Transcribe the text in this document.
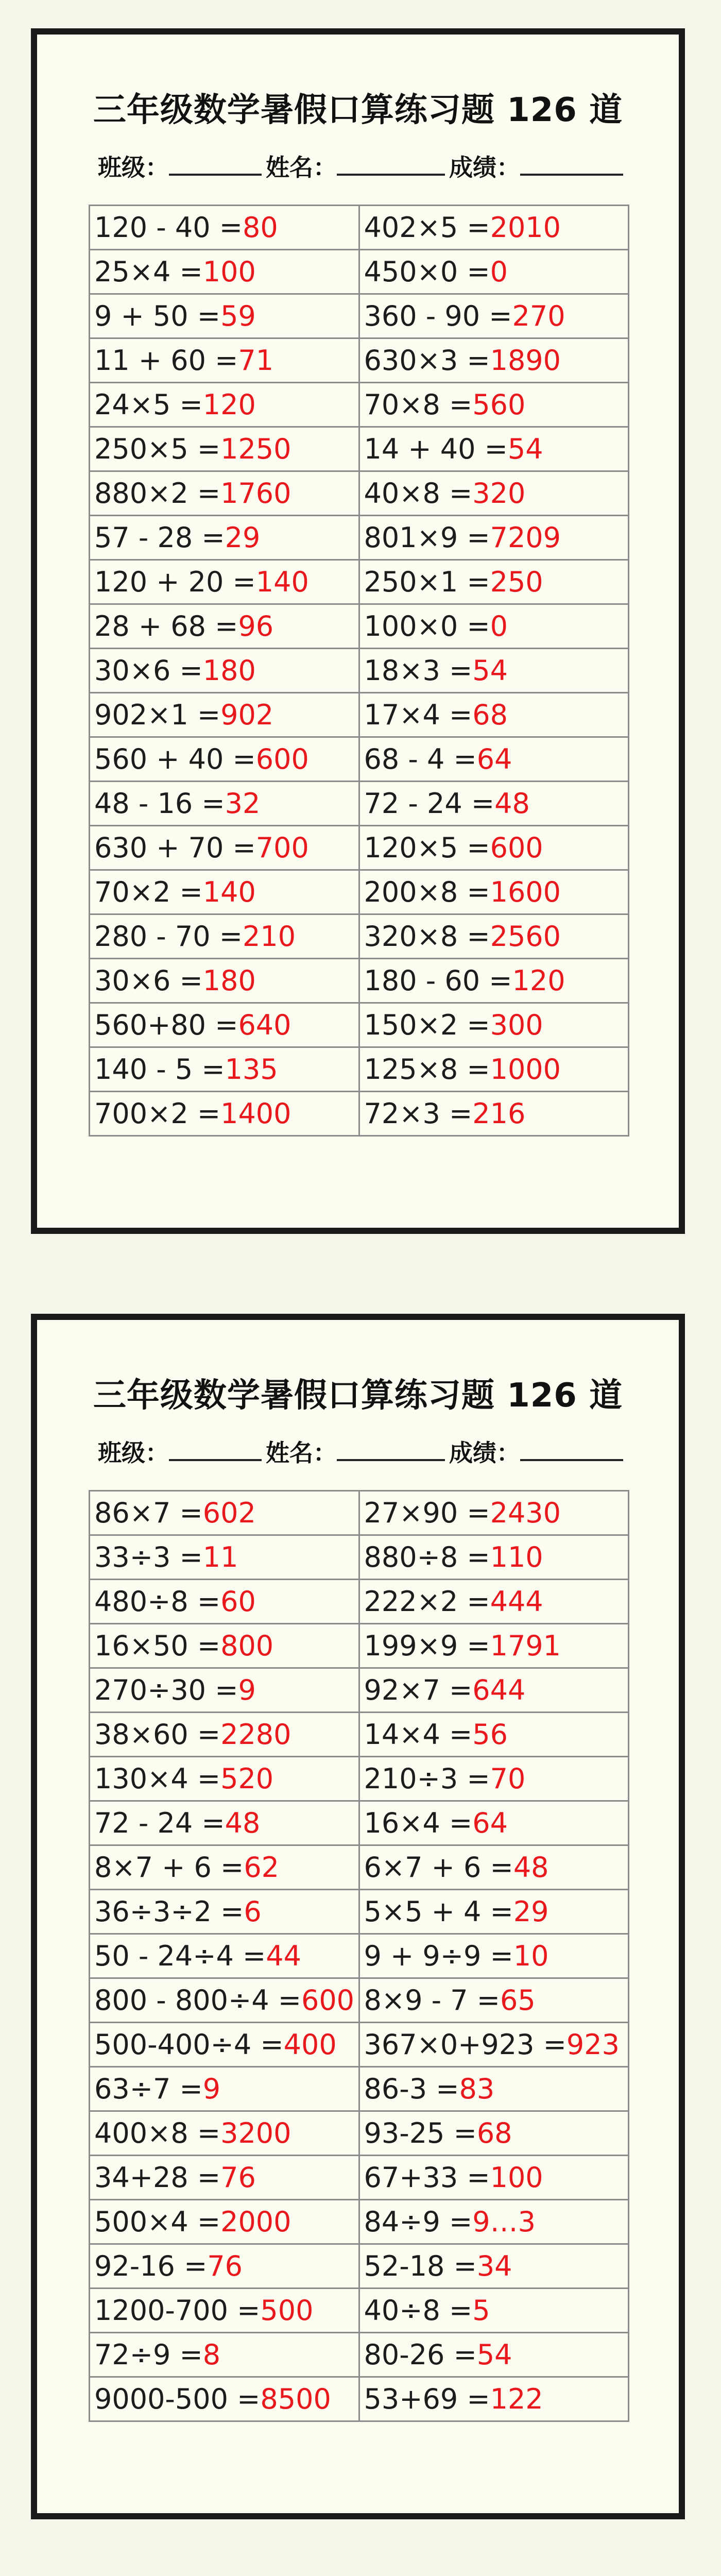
三年级数学暑假口算练习题 126 道
班级：	姓名：	成绩：
120 - 40 =80	402×5 =2010
25×4 =100	450×0 =0
9 + 50 =59	360 - 90 =270
11 + 60 =71	630×3 =1890
24×5 =120	70×8 =560
250×5 =1250	14 + 40 =54
880×2 =1760	40×8 =320
57 - 28 =29	801×9 =7209
120 + 20 =140	250×1 =250
28 + 68 =96	100×0 =0
30×6 =180	18×3 =54
902×1 =902	17×4 =68
560 + 40 =600	68 - 4 =64
48 - 16 =32	72 - 24 =48
630 + 70 =700	120×5 =600
70×2 =140	200×8 =1600
280 - 70 =210	320×8 =2560
30×6 =180	180 - 60 =120
560+80 =640	150×2 =300
140 - 5 =135	125×8 =1000
700×2 =1400	72×3 =216
三年级数学暑假口算练习题 126 道
班级：	姓名：	成绩：
86×7 =602	27×90 =2430
33÷3 =11	880÷8 =110
480÷8 =60	222×2 =444
16×50 =800	199×9 =1791
270÷30 =9	92×7 =644
38×60 =2280	14×4 =56
130×4 =520	210÷3 =70
72 - 24 =48	16×4 =64
8×7 + 6 =62	6×7 + 6 =48
36÷3÷2 =6	5×5 + 4 =29
50 - 24÷4 =44	9 + 9÷9 =10
800 - 800÷4 =600	8×9 - 7 =65
500-400÷4 =400	367×0+923 =923
63÷7 =9	86-3 =83
400×8 =3200	93-25 =68
34+28 =76	67+33 =100
500×4 =2000	84÷9 =9…3
92-16 =76	52-18 =34
1200-700 =500	40÷8 =5
72÷9 =8	80-26 =54
9000-500 =8500	53+69 =122
